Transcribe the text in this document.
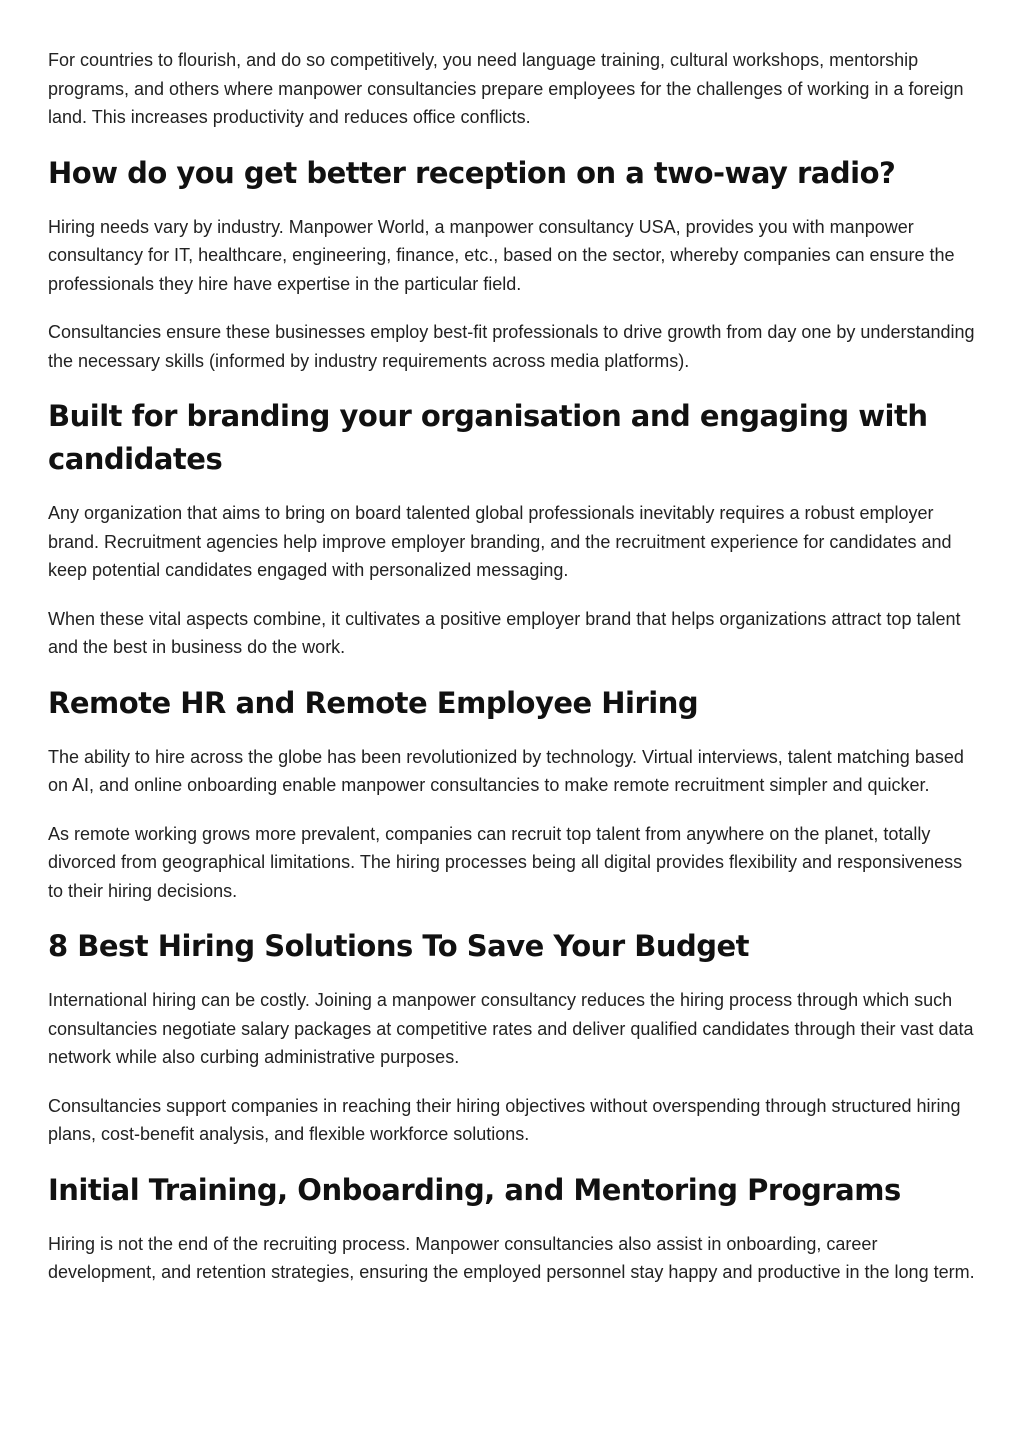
For countries to flourish, and do so competitively, you need language training, cultural workshops, mentorship programs, and others where manpower consultancies prepare employees for the challenges of working in a foreign land. This increases productivity and reduces office conflicts.

How do you get better reception on a two-way radio?

Hiring needs vary by industry. Manpower World, a manpower consultancy USA, provides you with manpower consultancy for IT, healthcare, engineering, finance, etc., based on the sector, whereby companies can ensure the professionals they hire have expertise in the particular field.

Consultancies ensure these businesses employ best-fit professionals to drive growth from day one by understanding the necessary skills (informed by industry requirements across media platforms).

Built for branding your organisation and engaging with candidates

Any organization that aims to bring on board talented global professionals inevitably requires a robust employer brand. Recruitment agencies help improve employer branding, and the recruitment experience for candidates and keep potential candidates engaged with personalized messaging.

When these vital aspects combine, it cultivates a positive employer brand that helps organizations attract top talent and the best in business do the work.

Remote HR and Remote Employee Hiring

The ability to hire across the globe has been revolutionized by technology. Virtual interviews, talent matching based on AI, and online onboarding enable manpower consultancies to make remote recruitment simpler and quicker.

As remote working grows more prevalent, companies can recruit top talent from anywhere on the planet, totally divorced from geographical limitations. The hiring processes being all digital provides flexibility and responsiveness to their hiring decisions.

8 Best Hiring Solutions To Save Your Budget

International hiring can be costly. Joining a manpower consultancy reduces the hiring process through which such consultancies negotiate salary packages at competitive rates and deliver qualified candidates through their vast data network while also curbing administrative purposes.

Consultancies support companies in reaching their hiring objectives without overspending through structured hiring plans, cost-benefit analysis, and flexible workforce solutions.

Initial Training, Onboarding, and Mentoring Programs

Hiring is not the end of the recruiting process. Manpower consultancies also assist in onboarding, career development, and retention strategies, ensuring the employed personnel stay happy and productive in the long term.
